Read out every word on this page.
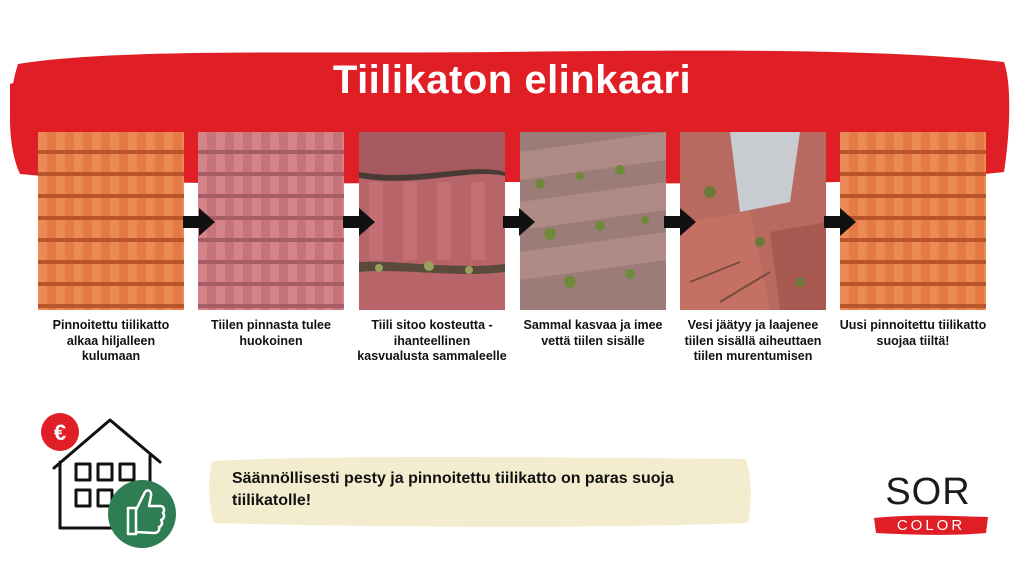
Tiilikaton elinkaari
Pinnoitettu tiilikatto alkaa hiljalleen kulumaan
Tiilen pinnasta tulee huokoinen
Tiili sitoo kosteutta - ihanteellinen kasvualusta sammaleelle
Sammal kasvaa ja imee vettä tiilen sisälle
Vesi jäätyy ja laajenee tiilen sisällä aiheuttaen tiilen murentumisen
Uusi pinnoitettu tiilikatto suojaa tiiltä!
€
Säännöllisesti pesty ja pinnoitettu tiilikatto on paras suoja tiilikatolle!	SOR
COLOR
